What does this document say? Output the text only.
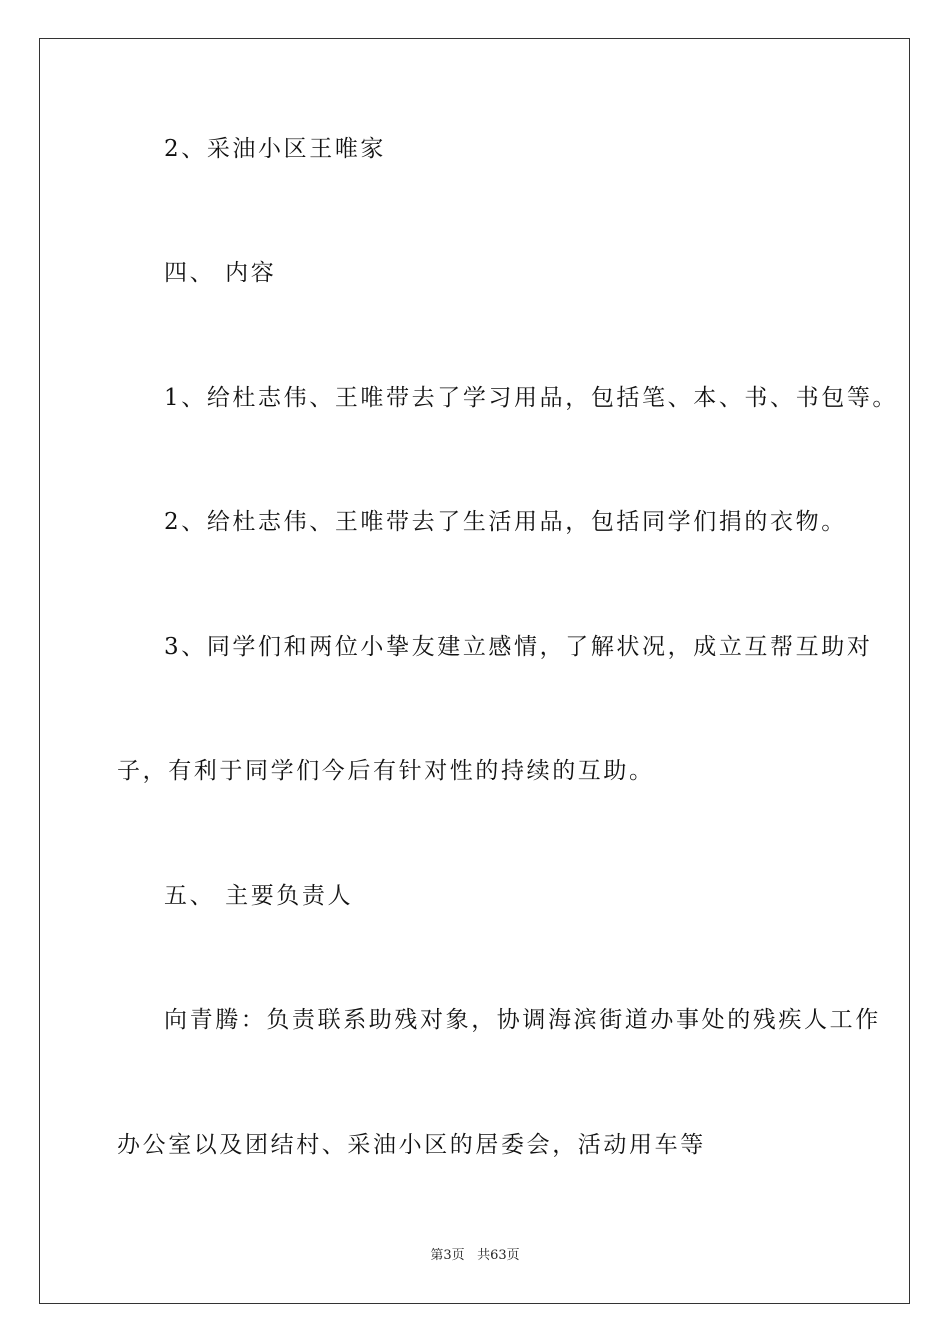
2、采油小区王唯家
四、 内容
1、给杜志伟、王唯带去了学习用品，包括笔、本、书、书包等。
2、给杜志伟、王唯带去了生活用品，包括同学们捐的衣物。
3、同学们和两位小挚友建立感情，了解状况，成立互帮互助对
子，有利于同学们今后有针对性的持续的互助。
五、 主要负责人
向青腾：负责联系助残对象，协调海滨街道办事处的残疾人工作
办公室以及团结村、采油小区的居委会，活动用车等
第3页 共63页
